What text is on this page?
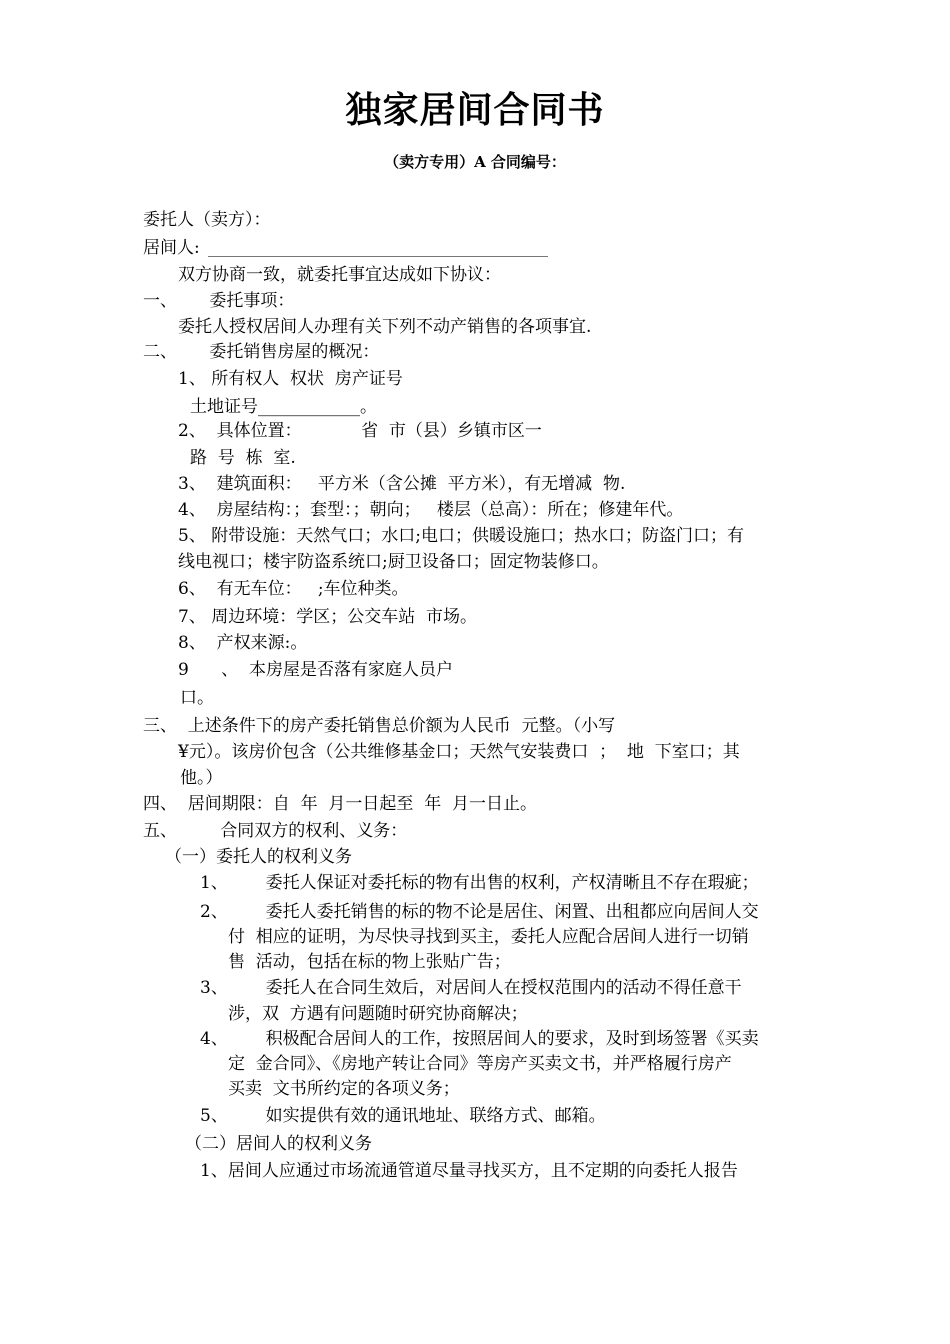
独家居间合同书
（卖方专用）A 合同编号：
委托人（卖方）：
居间人:
双方协商一致，就委托事宜达成如下协议：
一、      委托事项：
委托人授权居间人办理有关下列不动产销售的各项事宜.
二、      委托销售房屋的概况：
1、 所有权人  权状  房产证号
土地证号____________。
2、  具体位置：           省  市（县）乡镇市区一
路  号  栋  室.
3、  建筑面积：   平方米（含公摊  平方米），有无增减  物.
4、  房屋结构：；套型：；朝向；   楼层（总高）：所在；修建年代。
5、 附带设施：天然气口；水口;电口；供暖设施口；热水口；防盗门口；有
线电视口；楼宇防盗系统口;厨卫设备口；固定物装修口。
6、  有无车位：   ;车位种类。
7、 周边环境：学区；公交车站  市场。
8、  产权来源:。
9      、  本房屋是否落有家庭人员户
口。
三、  上述条件下的房产委托销售总价额为人民币  元整。（小写
¥元）。该房价包含（公共维修基金口；天然气安装费口  ；  地  下室口；其
他。）
四、  居间期限：自  年  月一日起至  年  月一日止。
五、        合同双方的权利、义务：
（一）委托人的权利义务
1、       委托人保证对委托标的物有出售的权利，产权清晰且不存在瑕疵；
2、       委托人委托销售的标的物不论是居住、闲置、出租都应向居间人交
付  相应的证明，为尽快寻找到买主，委托人应配合居间人进行一切销
售  活动，包括在标的物上张贴广告；
3、       委托人在合同生效后，对居间人在授权范围内的活动不得任意干
涉，双  方遇有问题随时研究协商解决；
4、       积极配合居间人的工作，按照居间人的要求，及时到场签署《买卖
定  金合同》、《房地产转让合同》等房产买卖文书，并严格履行房产
买卖  文书所约定的各项义务；
5、       如实提供有效的通讯地址、联络方式、邮箱。
（二）居间人的权利义务
1、居间人应通过市场流通管道尽量寻找买方，且不定期的向委托人报告
